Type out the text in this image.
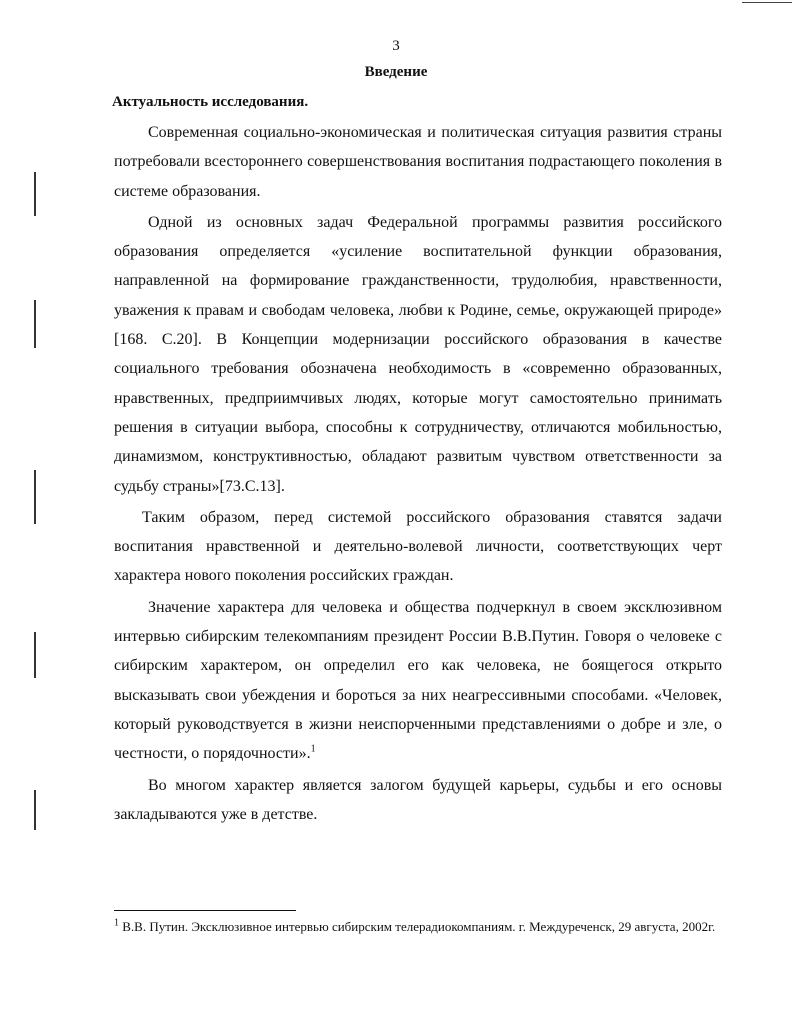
3
Введение
Актуальность исследования.

Современная социально-экономическая и политическая ситуация развития страны потребовали всестороннего совершенствования воспитания подрастающего поколения в системе образования.

Одной из основных задач Федеральной программы развития российского образования определяется «усиление воспитательной функции образования, направленной на формирование гражданственности, трудолюбия, нравственности, уважения к правам и свободам человека, любви к Родине, семье, окружающей природе» [168. С.20]. В Концепции модернизации российского образования в качестве социального требования обозначена необходимость в «современно образованных, нравственных, предприимчивых людях, которые могут самостоятельно принимать решения в ситуации выбора, способны к сотрудничеству, отличаются мобильностью, динамизмом, конструктивностью, обладают развитым чувством ответственности за судьбу страны»[73.С.13].

Таким образом, перед системой российского образования ставятся задачи воспитания нравственной и деятельно-волевой личности, соответствующих черт характера нового поколения российских граждан.

Значение характера для человека и общества подчеркнул в своем эксклюзивном интервью сибирским телекомпаниям президент России В.В.Путин. Говоря о человеке с сибирским характером, он определил его как человека, не боящегося открыто высказывать свои убеждения и бороться за них неагрессивными способами. «Человек, который руководствуется в жизни неиспорченными представлениями о добре и зле, о честности, о порядочности».$^1$

Во многом характер является залогом будущей карьеры, судьбы и его основы закладываются уже в детстве.

$^1$ В.В. Путин. Эксклюзивное интервью сибирским телерадиокомпаниям. г. Междуреченск, 29 августа, 2002г.
